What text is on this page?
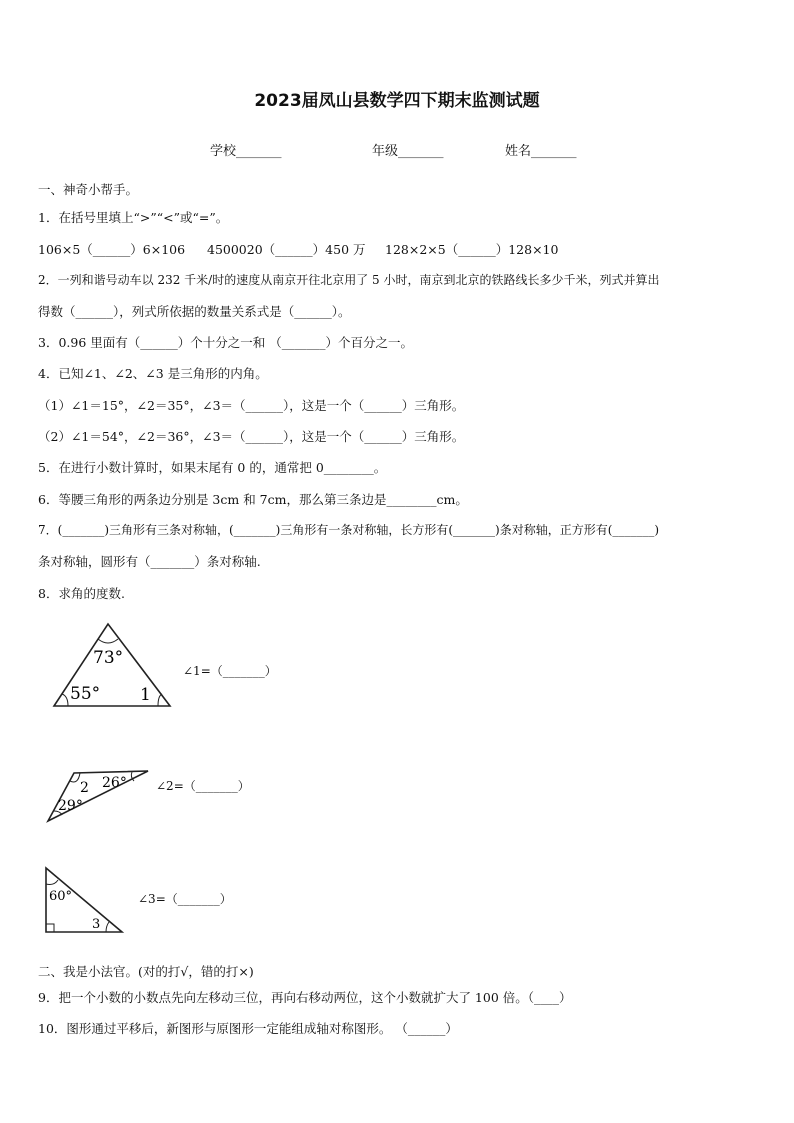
2023届凤山县数学四下期末监测试题
学校_______	年级_______	姓名_______
一、神奇小帮手。
1．在括号里填上“>”“<”或“=”。
106×5（______）6×106 4500020（______）450 万 128×2×5（______）128×10
2．一列和谐号动车以 232 千米/时的速度从南京开往北京用了 5 小时，南京到北京的铁路线长多少千米，列式并算出
得数（______），列式所依据的数量关系式是（______）。
3．0.96 里面有（______）个十分之一和 （_______）个百分之一。
4．已知∠1、∠2、∠3 是三角形的内角。
（1）∠1＝15°，∠2＝35°，∠3＝（______），这是一个（______）三角形。
（2）∠1＝54°，∠2＝36°，∠3＝（______），这是一个（______）三角形。
5．在进行小数计算时，如果末尾有 0 的，通常把 0________。
6．等腰三角形的两条边分别是 3cm 和 7cm，那么第三条边是________cm。
7．(_______)三角形有三条对称轴，(_______)三角形有一条对称轴，长方形有(_______)条对称轴，正方形有(_______)
条对称轴，圆形有（_______）条对称轴.
8．求角的度数.
73°
55° 1
∠1=（_______）
2 26°
29°
∠2=（_______）
60°
3
∠3=（_______）
二、我是小法官。(对的打√，错的打×)
9．把一个小数的小数点先向左移动三位，再向右移动两位，这个小数就扩大了 100 倍。（____）
10．图形通过平移后，新图形与原图形一定能组成轴对称图形。 （______）
